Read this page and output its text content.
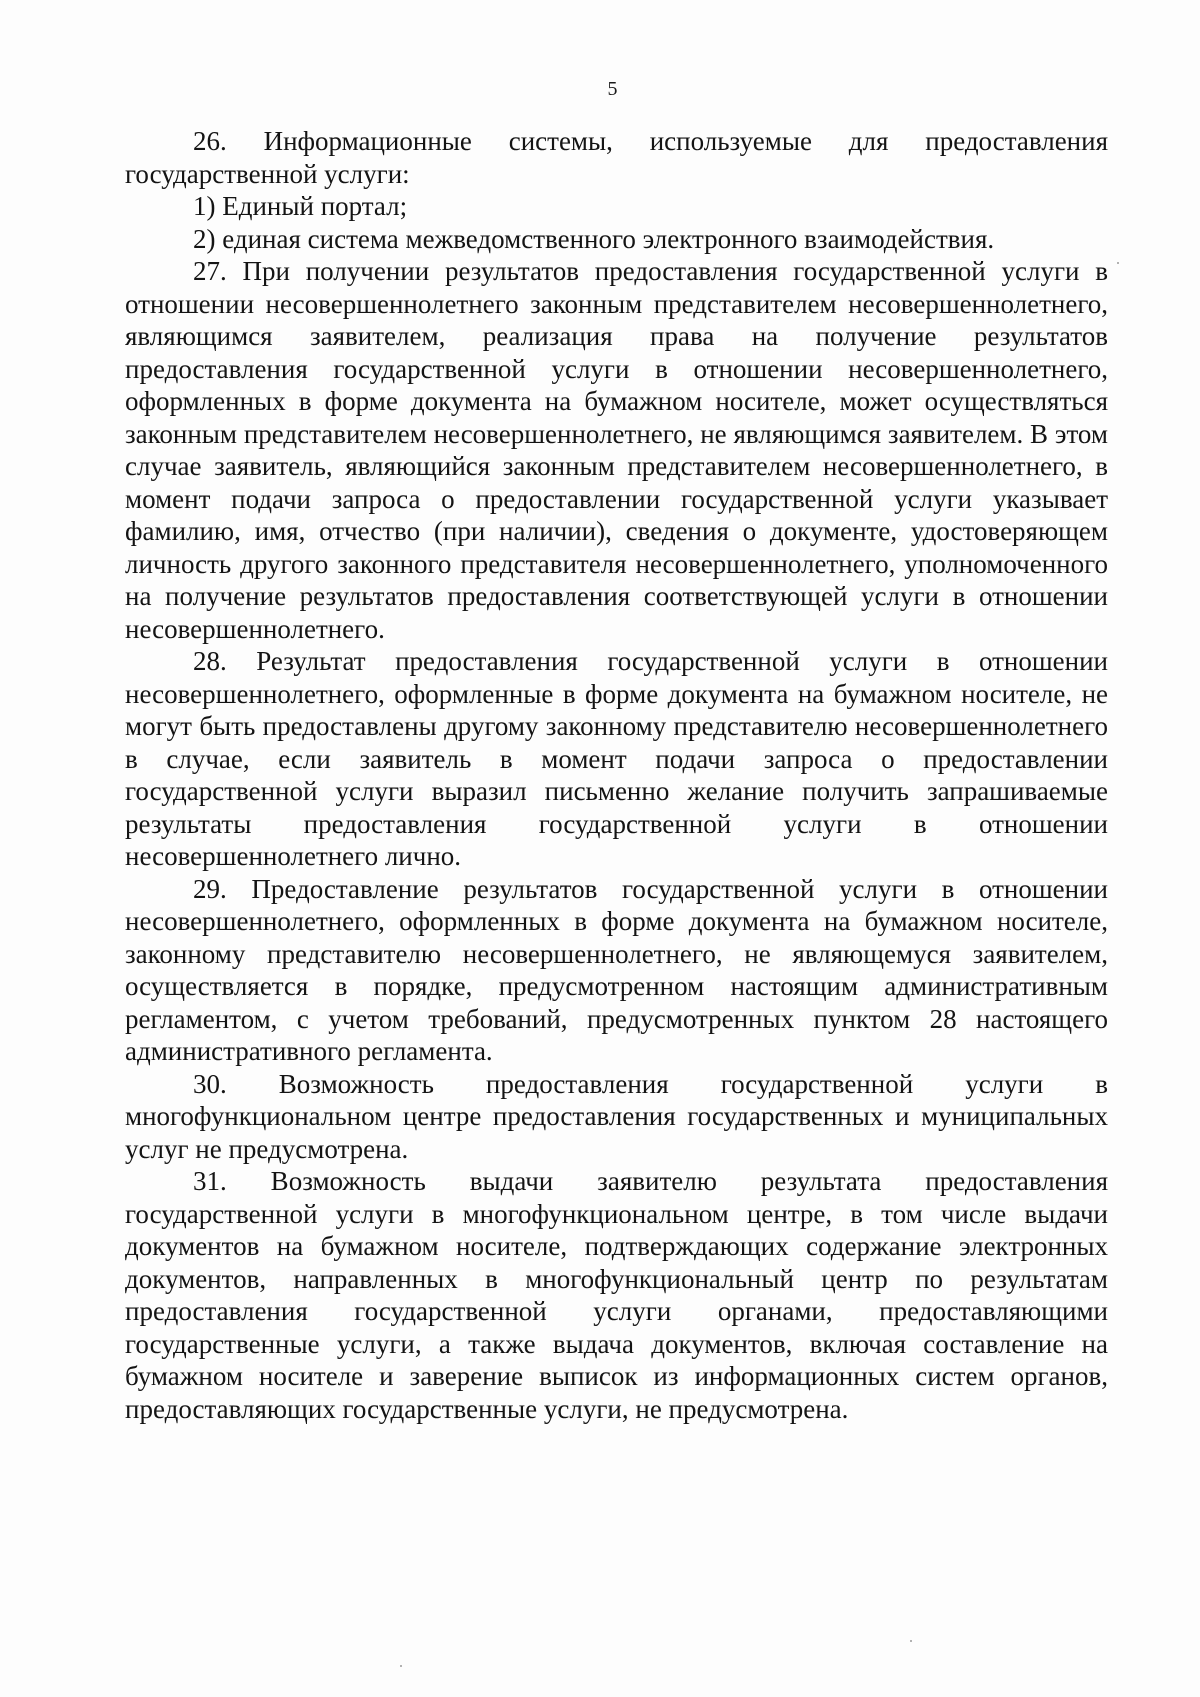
5

26. Информационные системы, используемые для предоставления государственной услуги:

1) Единый портал;

2) единая система межведомственного электронного взаимодействия.

27. При получении результатов предоставления государственной услуги в отношении несовершеннолетнего законным представителем несовершеннолетнего, являющимся заявителем, реализация права на получение результатов предоставления государственной услуги в отношении несовершеннолетнего, оформленных в форме документа на бумажном носителе, может осуществляться законным представителем несовершеннолетнего, не являющимся заявителем. В этом случае заявитель, являющийся законным представителем несовершеннолетнего, в момент подачи запроса о предоставлении государственной услуги указывает фамилию, имя, отчество (при наличии), сведения о документе, удостоверяющем личность другого законного представителя несовершеннолетнего, уполномоченного на получение результатов предоставления соответствующей услуги в отношении несовершеннолетнего.

28. Результат предоставления государственной услуги в отношении несовершеннолетнего, оформленные в форме документа на бумажном носителе, не могут быть предоставлены другому законному представителю несовершеннолетнего в случае, если заявитель в момент подачи запроса о предоставлении государственной услуги выразил письменно желание получить запрашиваемые результаты предоставления государственной услуги в отношении несовершеннолетнего лично.

29. Предоставление результатов государственной услуги в отношении несовершеннолетнего, оформленных в форме документа на бумажном носителе, законному представителю несовершеннолетнего, не являющемуся заявителем, осуществляется в порядке, предусмотренном настоящим административным регламентом, с учетом требований, предусмотренных пунктом 28 настоящего административного регламента.

30. Возможность предоставления государственной услуги в многофункциональном центре предоставления государственных и муниципальных услуг не предусмотрена.

31. Возможность выдачи заявителю результата предоставления государственной услуги в многофункциональном центре, в том числе выдачи документов на бумажном носителе, подтверждающих содержание электронных документов, направленных в многофункциональный центр по результатам предоставления государственной услуги органами, предоставляющими государственные услуги, а также выдача документов, включая составление на бумажном носителе и заверение выписок из информационных систем органов, предоставляющих государственные услуги, не предусмотрена.
